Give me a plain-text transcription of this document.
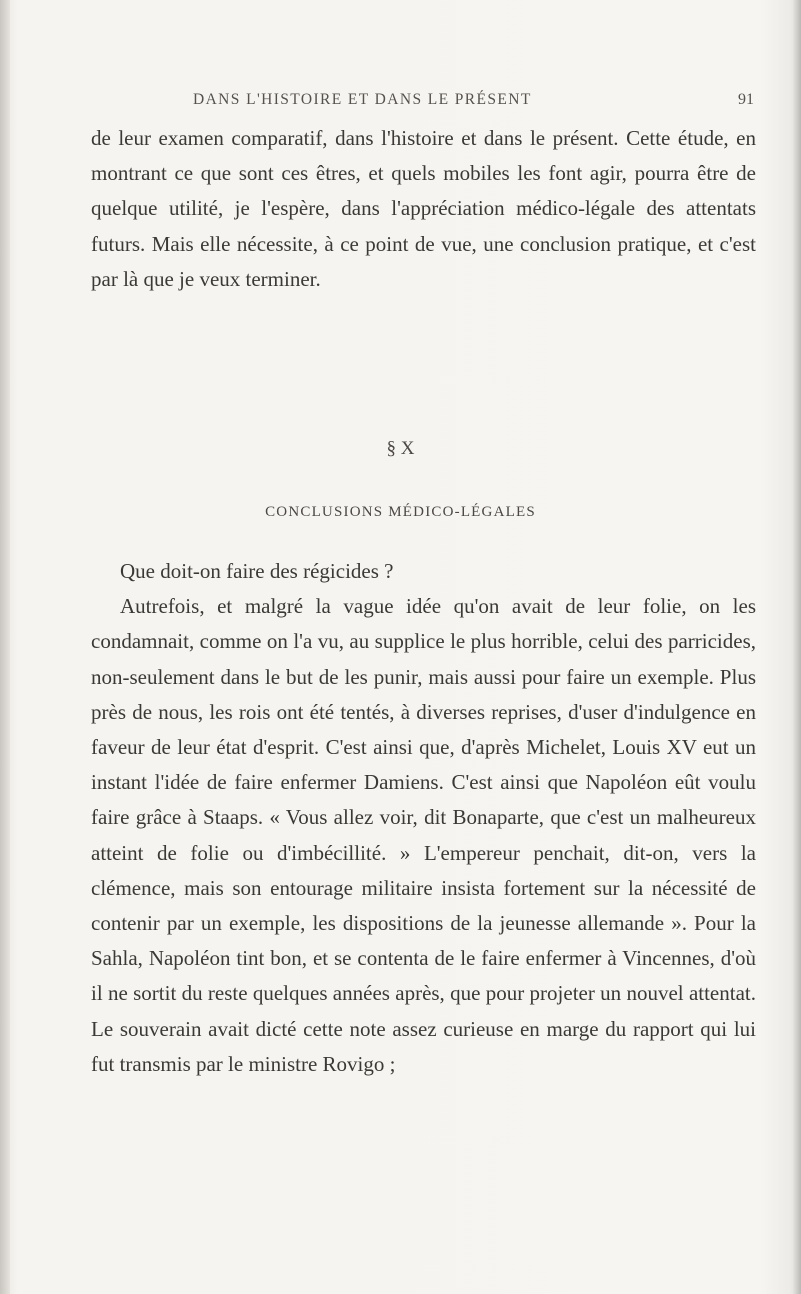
DANS L'HISTOIRE ET DANS LE PRÉSENT	91

de leur examen comparatif, dans l'histoire et dans le présent. Cette étude, en montrant ce que sont ces êtres, et quels mobiles les font agir, pourra être de quelque utilité, je l'espère, dans l'appréciation médico-légale des attentats futurs. Mais elle nécessite, à ce point de vue, une conclusion pratique, et c'est par là que je veux terminer.

§ X
CONCLUSIONS MÉDICO-LÉGALES

Que doit-on faire des régicides ?

Autrefois, et malgré la vague idée qu'on avait de leur folie, on les condamnait, comme on l'a vu, au supplice le plus horrible, celui des parricides, non-seulement dans le but de les punir, mais aussi pour faire un exemple. Plus près de nous, les rois ont été tentés, à diverses reprises, d'user d'indulgence en faveur de leur état d'esprit. C'est ainsi que, d'après Michelet, Louis XV eut un instant l'idée de faire enfermer Damiens. C'est ainsi que Napoléon eût voulu faire grâce à Staaps. « Vous allez voir, dit Bonaparte, que c'est un malheureux atteint de folie ou d'imbécillité. » L'empereur penchait, dit-on, vers la clémence, mais son entourage militaire insista fortement sur la nécessité de contenir par un exemple, les dispositions de la jeunesse allemande ». Pour la Sahla, Napoléon tint bon, et se contenta de le faire enfermer à Vincennes, d'où il ne sortit du reste quelques années après, que pour projeter un nouvel attentat. Le souverain avait dicté cette note assez curieuse en marge du rapport qui lui fut transmis par le ministre Rovigo ;
